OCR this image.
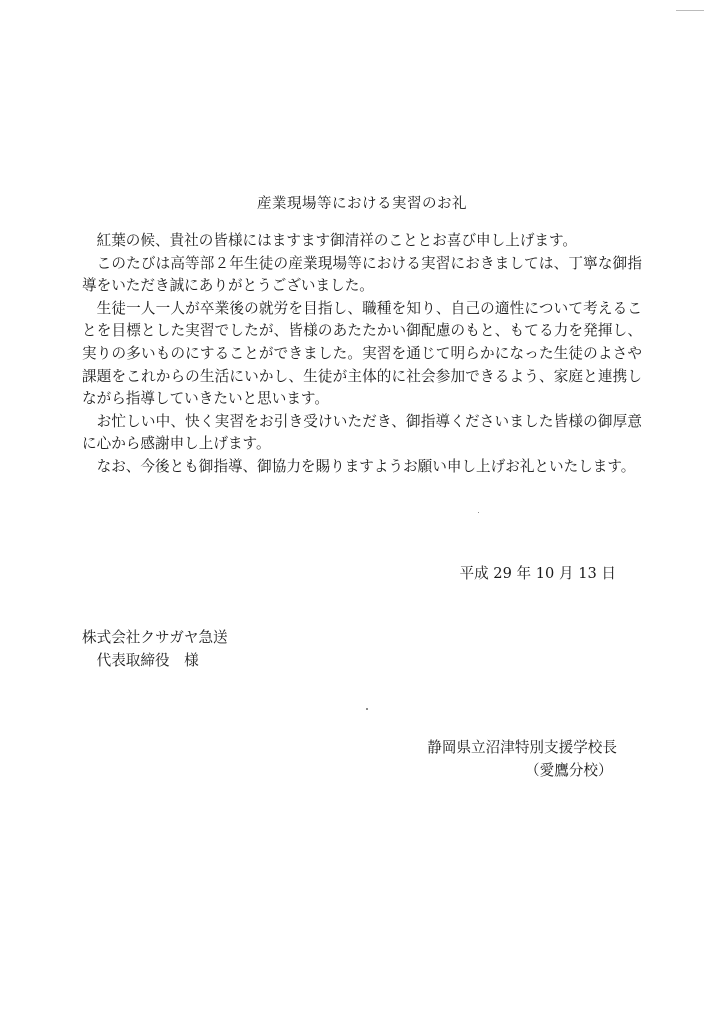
産業現場等における実習のお礼

紅葉の候、貴社の皆様にはますます御清祥のこととお喜び申し上げます。

このたびは高等部２年生徒の産業現場等における実習におきましては、丁寧な御指導をいただき誠にありがとうございました。

生徒一人一人が卒業後の就労を目指し、職種を知り、自己の適性について考えることを目標とした実習でしたが、皆様のあたたかい御配慮のもと、もてる力を発揮し、実りの多いものにすることができました。実習を通じて明らかになった生徒のよさや課題をこれからの生活にいかし、生徒が主体的に社会参加できるよう、家庭と連携しながら指導していきたいと思います。

お忙しい中、快く実習をお引き受けいただき、御指導くださいました皆様の御厚意に心から感謝申し上げます。

なお、今後とも御指導、御協力を賜りますようお願い申し上げお礼といたします。

平成 29 年 10 月 13 日
株式会社クサガヤ急送
代表取締役　様
静岡県立沼津特別支援学校長
（愛鷹分校）
